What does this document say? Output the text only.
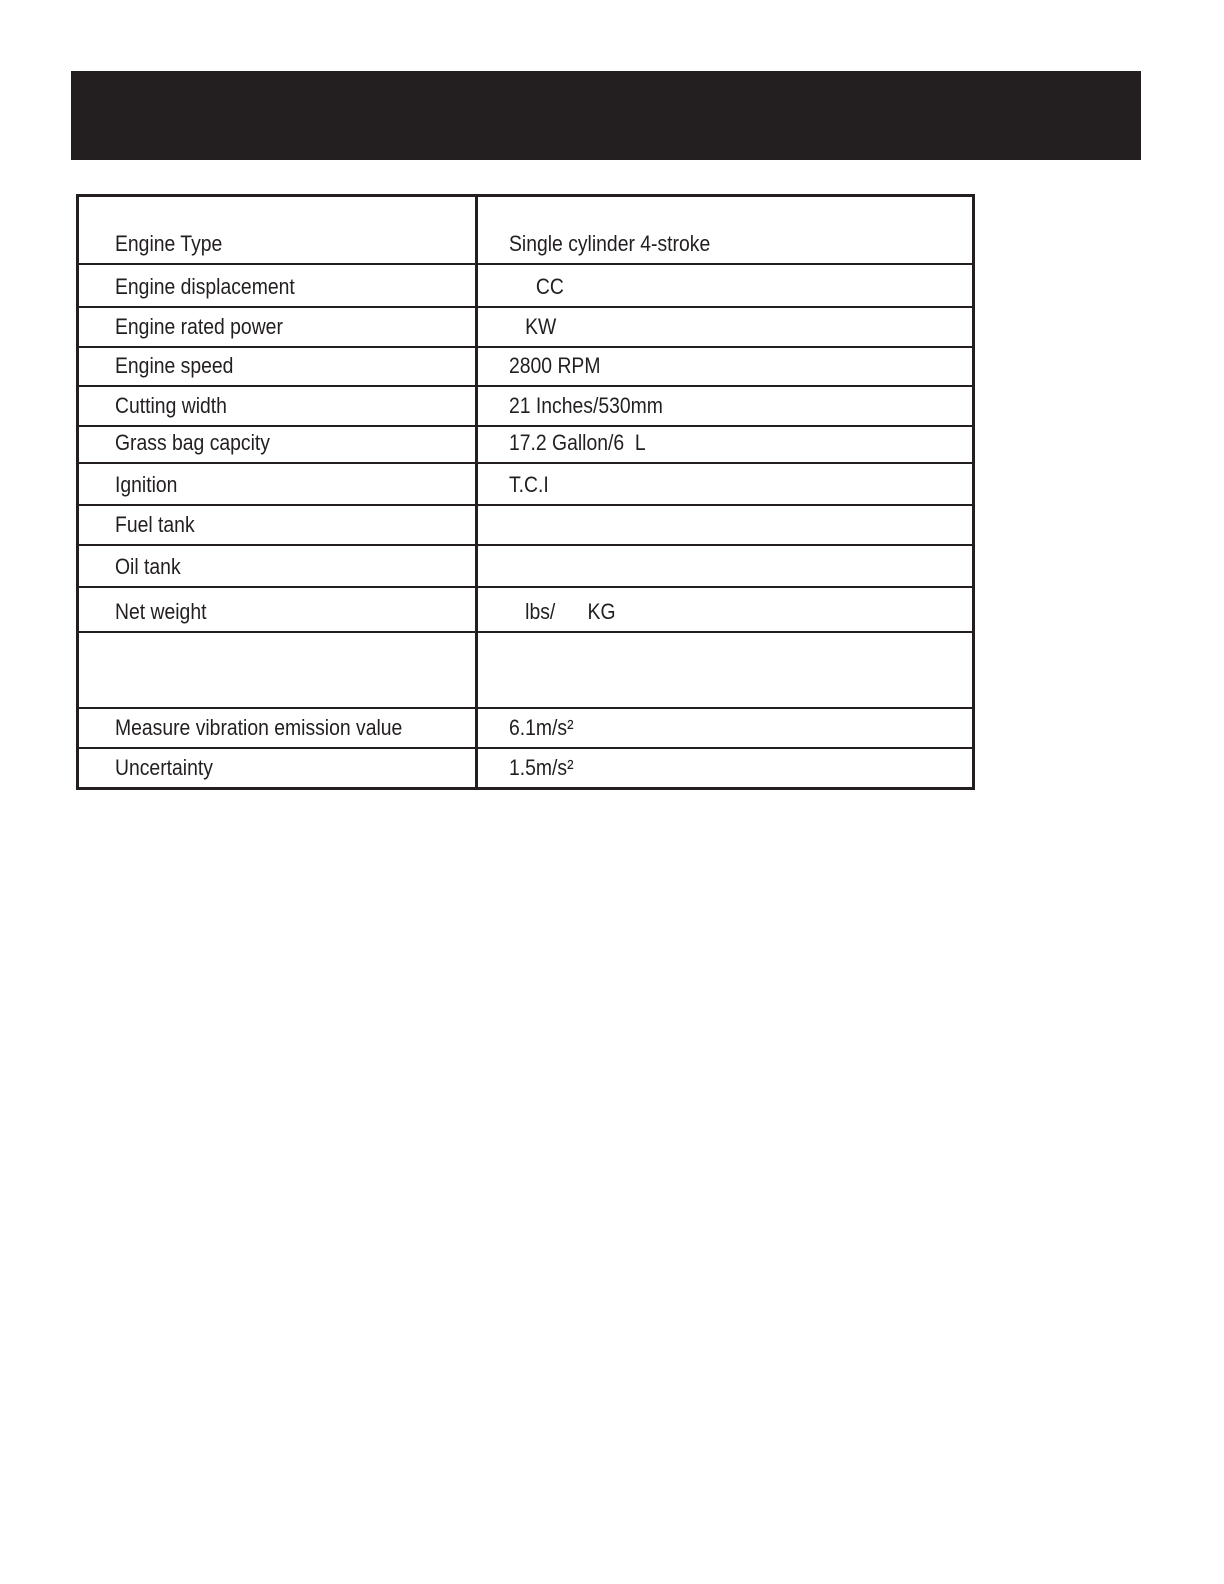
Engine Type	Single cylinder 4-stroke
Engine displacement	CC
Engine rated power	KW
Engine speed	2800 RPM
Cutting width	21 Inches/530mm
Grass bag capcity	17.2 Gallon/6  L
Ignition	T.C.I
Fuel tank	
Oil tank	
Net weight	lbs/      KG

Measure vibration emission value	6.1m/s²
Uncertainty	1.5m/s²
